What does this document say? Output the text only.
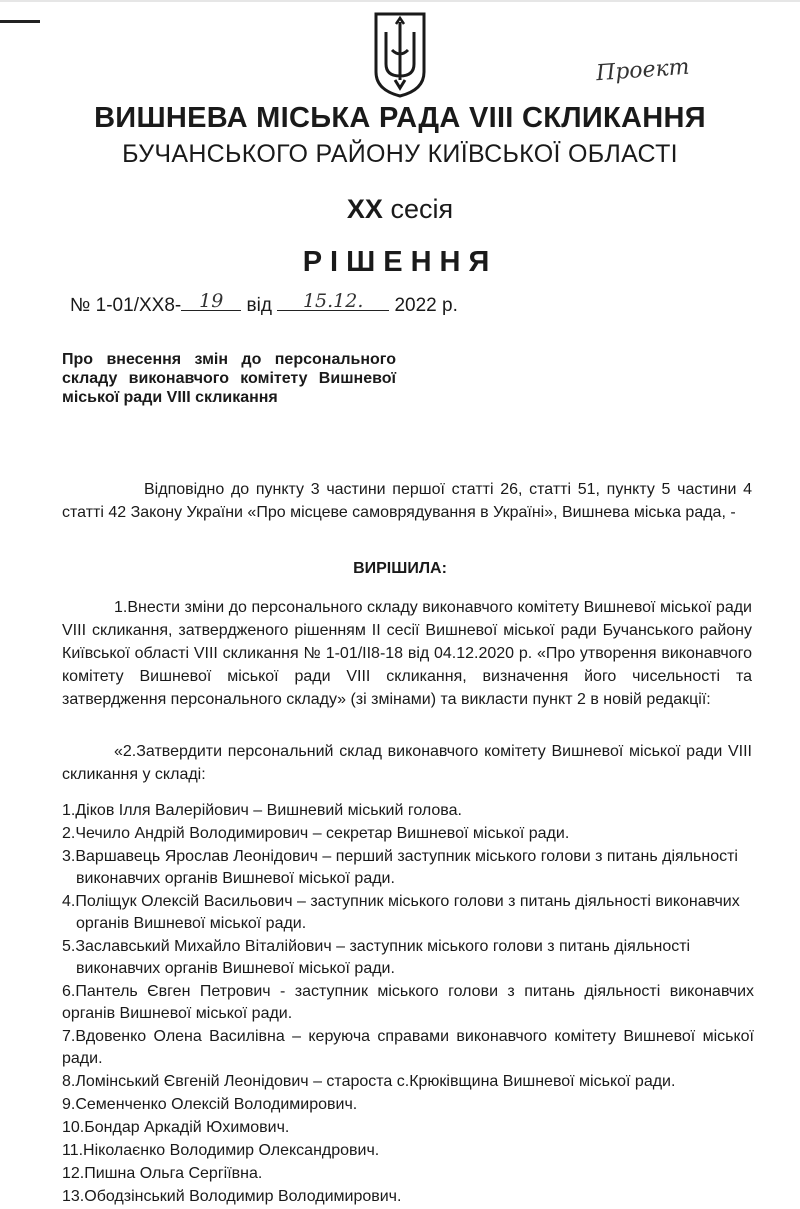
Проект
ВИШНЕВА МІСЬКА РАДА VIII СКЛИКАННЯ
БУЧАНСЬКОГО РАЙОНУ КИЇВСЬКОЇ ОБЛАСТІ
XX сесія
РІШЕННЯ
№ 1-01/XX8- 19 від 15.12. 2022 р.
Про внесення змін до персонального складу виконавчого комітету Вишневої міської ради VIII скликання
Відповідно до пункту 3 частини першої статті 26, статті 51, пункту 5 частини 4 статті 42 Закону України «Про місцеве самоврядування в Україні», Вишнева міська рада, -
ВИРІШИЛА:
1.Внести зміни до персонального складу виконавчого комітету Вишневої міської ради VIII скликання, затвердженого рішенням II сесії Вишневої міської ради Бучанського району Київської області VIII скликання № 1-01/II8-18 від 04.12.2020 р. «Про утворення виконавчого комітету Вишневої міської ради VIII скликання, визначення його чисельності та затвердження персонального складу» (зі змінами) та викласти пункт 2 в новій редакції:
«2.Затвердити персональний склад виконавчого комітету Вишневої міської ради VIII скликання у складі:
1.Діков Ілля Валерійович – Вишневий міський голова.
2.Чечило Андрій Володимирович – секретар Вишневої міської ради.
3.Варшавець Ярослав Леонідович – перший заступник міського голови з питань діяльності виконавчих органів Вишневої міської ради.
4.Поліщук Олексій Васильович – заступник міського голови з питань діяльності виконавчих органів Вишневої міської ради.
5.Заславський Михайло Віталійович – заступник міського голови з питань діяльності виконавчих органів Вишневої міської ради.
6.Пантель Євген Петрович - заступник міського голови з питань діяльності виконавчих органів Вишневої міської ради.
7.Вдовенко Олена Василівна – керуюча справами виконавчого комітету Вишневої міської ради.
8.Ломінський Євгеній Леонідович – староста с.Крюківщина Вишневої міської ради.
9.Семенченко Олексій Володимирович.
10.Бондар Аркадій Юхимович.
11.Ніколаєнко Володимир Олександрович.
12.Пишна Ольга Сергіївна.
13.Ободзінський Володимир Володимирович.
